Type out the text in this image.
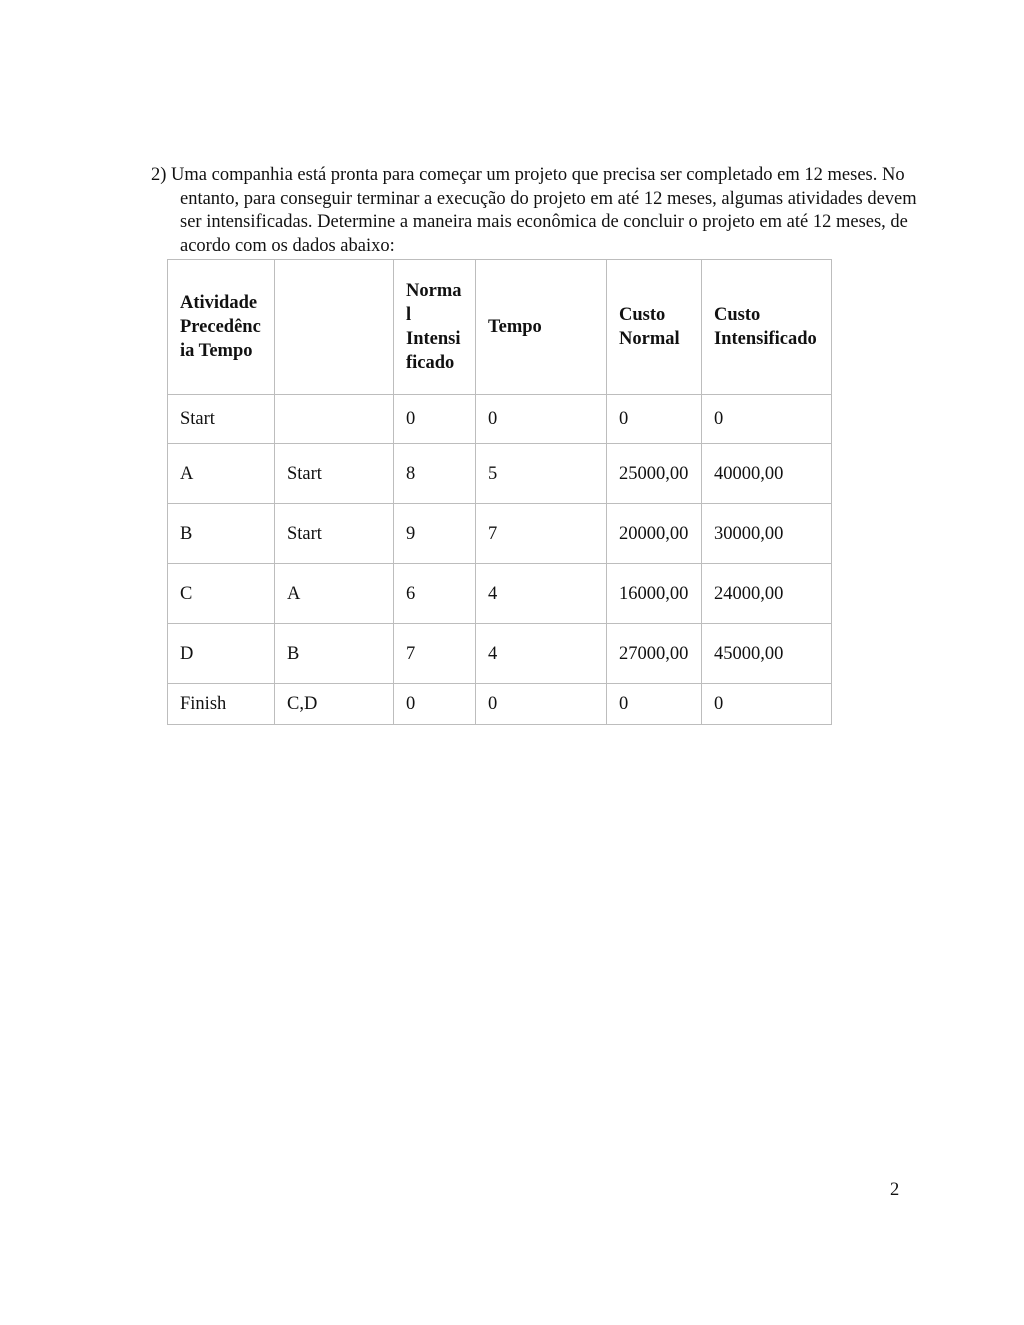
2) Uma companhia está pronta para começar um projeto que precisa ser completado em 12 meses. No entanto, para conseguir terminar a execução do projeto em até 12 meses, algumas atividades devem ser intensificadas. Determine a maneira mais econômica de concluir o projeto em até 12 meses, de acordo com os dados abaixo:

Atividade Precedência Tempo		Normal Intensificado	Tempo	Custo Normal	Custo Intensificado
Start		0	0	0	0
A	Start	8	5	25000,00	40000,00
B	Start	9	7	20000,00	30000,00
C	A	6	4	16000,00	24000,00
D	B	7	4	27000,00	45000,00
Finish	C,D	0	0	0	0
2
